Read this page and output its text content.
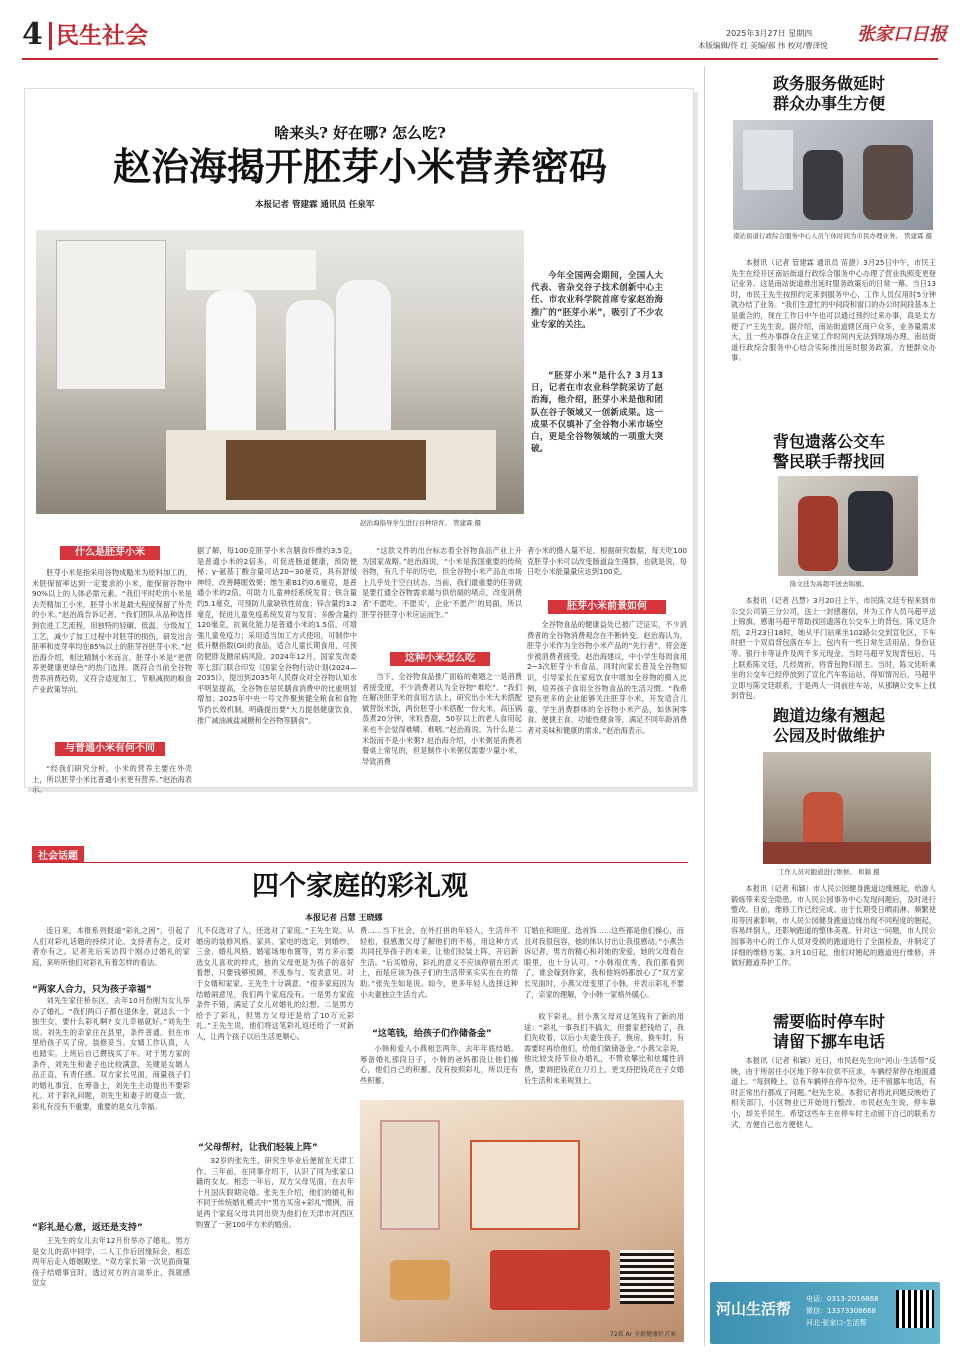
4 民生社会	张家口日报
2025年3月27日 星期四
本版编辑/佟 红 美编/郝 伟 校对/曹泽悦
啥来头? 好在哪? 怎么吃?
赵治海揭开胚芽小米营养密码
本报记者 管建霖 通讯员 任泉军
赵治海指导学生进行谷种培育。 管建霖 摄
今年全国两会期间，全国人大代表、省杂交谷子技术创新中心主任、市农业科学院首席专家赵治海推广的“胚芽小米”，吸引了不少农业专家的关注。
“胚芽小米”是什么? 3月13日，记者在市农业科学院采访了赵治海，他介绍，胚芽小米是他和团队在谷子领域又一创新成果。这一成果不仅填补了全谷物小米市场空白，更是全谷物领域的一项重大突破。
什么是胚芽小米
胚芽小米是指采用谷物成糙米为原料加工的，米胚保留率达到一定要求的小米，能保留谷物中90%以上的人体必需元素。“我们平时吃的小米是去壳精加工小米，胚芽小米是最大程度保留了外壳的小米。”赵治海告诉记者，“我们团队从品种选择到农进工艺流程，用独特的轻碾、低温、分级加工工艺，减少了加工过程中对胚芽的损伤，研发出含胚率和皮芽率均在85%以上的胚芽谷胚芽小米。”赵治海介绍，相比精制小米而言，胚芽小米是“更营养更健康更绿色”的热门选择。既符合当前全谷物营养消费趋势，又符合适度加工、节粮减损的粮食产业政策导向。
与普通小米有何不同
“经我们研究分析，小米的营养主要在外壳上，所以胚芽小米比普通小米更有营养。”赵治海表示。
据了解，每100克胚芽小米含膳食纤维约3.5克，是普通小米的2倍多，可促进肠道健康，预防便秘；γ-氨基丁酸含量可达20~30毫克，具有舒缓神经、改善睡眠效果；维生素B1约0.6毫克，是普通小米的2倍，可助力儿童神经系统发育；铁含量约5.1毫克，可预防儿童缺铁性贫血；锌含量约3.2毫克，促进儿童免疫系统发育与发育；多酚含量约120毫克，抗氧化能力是普通小米的1.5倍，可增强儿童免疫力；采用适当加工方式使用，可制作中低升糖指数(GI)的食品，适合儿童长期食用，可预防肥胖及糖尿病风险。2024年12月，国家发改委等七部门联合印发《国家全谷物行动计划(2024—2035)》，提出到2035年人民群众对全谷物认知水平明显提高，全谷物在居民膳食消费中的比重明显增加；2025年中央一号文件聚焦健全粮食和食物节约长效机制，明确提出要“大力提倡健康饮食，推广减油减盐减糖和全谷物等膳食”。
“这款文件的出台标志着全谷物食品产业上升为国家战略。”赵治海说，“小米是我国重要的传统谷物，有几千年的历史，但全谷物小米产品在市场上几乎处于空白状态。当前，我们最重要的任务就是要打通全谷物需求端与供给端的堵点，改变消费者‘不愿吃、不愿买’，企业‘不愿产’的局面，所以胚芽谷胚芽小米应运而生。”
这种小米怎么吃
当下，全谷物食品推广面临的难题之一是消费者接受度，不少消费者认为全谷物“难吃”。“我们在解决胚芽米的食用方法上，研究出小米大米搭配做营饭米饭，两份胚芽小米搭配一份大米，高压锅蒸煮20分钟，米粒香甜，50岁以上的老人食用起来也不会觉得难嚼、难咽。”赵治海说。为什么是二米饭而不是小米粥? 赵治海介绍，小米粥是消费者餐桌上常见的，但是制作小米粥仅需要少量小米，导致消费
者小米的摄入量不足。根据研究数据，每天吃100克胚芽小米可以改变肠道益生菌群，也就是说，每日吃小米能量量应达到100克。
胚芽小米前景如何
全谷物食品的健康益处已被广泛证实，不少消费者的全谷物消费观念在不断转变。赵治海认为，胚芽小米作为全谷物小米产品的“先行者”，将会逐步被消费者接受。赵治海建议，中小学生每周食用2~3次胚芽小米食品，同时向家长普及全谷物知识，引导家长在家庭饮食中增加全谷物的摄入比例，培养孩子食用全谷物食品的生活习惯。“我希望有更多的企业能够关注胚芽小米，开发适合儿童、学生消费群体的全谷物小米产品，如休闲零食、便捷主食、功能性健食等，满足不同年龄消费者对美味和健康的需求。”赵治海表示。
社会话题
四个家庭的彩礼观
本报记者 吕慧 王晓娜
连日来，本报系列报道“彩礼之困”，引起了人们对彩礼话题的持续讨论。支持者有之，反对者亦有之。记者先后采访四个刚办过婚礼的家庭，来听听他们对彩礼有着怎样的看法。
“两家人合力，只为孩子幸福”
刘先生家住桥东区，去年10月份刚为女儿举办了婚礼。“我们两口子都在退休金，就这么一个独生女，要什么彩礼啊? 女儿幸福就好。”刘先生说。刘先生的亲家住在县里，条件普通。但在市里给孩子买了房，装修妥当。女婿工作认真，人也踏实。上班后自己攒钱买了车。对于男方家的条件，刘先生和妻子也比较满意，关键是女婿人品正直，有责任感。双方家长见面，商量孩子们的婚礼事宜，在筹备上，刘先生主动提出不要彩礼。对于彩礼问题，刘先生和妻子的观点一致，彩礼有没有不重要，重要的是女儿幸福。
“彩礼是心意，返还是支持”
王先生的女儿去年12月份举办了婚礼，男方是女儿的高中同学，二人工作后因缘际会，相恋两年后走入婚姻殿堂。“双方家长第一次见面商量孩子结婚事宜时，透过对方的言谈举止，我就感觉女
儿不仅选对了人，还选对了家庭。”王先生说。从婚房的装修风格、家具、家电的选定，到婚纱、三金、婚礼风格、婚宴场地布置等，男方多示要选女儿喜欢的样式，他的父母更是为孩子的喜好着想，只要钱够照顾，不乱参与、发表意见。对于女婿和家家，王先生十分满意。“很多家庭因为结婚闹意见，我们两个家庭没有。一是男方家庭条件不错，满足了女儿对婚礼的幻想。二是男方给予了彩礼，但男方父母还是给了10万元彩礼。”王先生说，他们将这笔彩礼返还给了一对新人，让两个孩子以后生活更顺心。
“父母帮村，让我们轻装上阵”
32岁的张先生，研究生毕业后便留在天津工作。三年前，在同事介绍下，认识了同为张家口籍的女友。相恋一年后，双方父母见面，在去年十月国庆假期完婚。张先生介绍，他们的婚礼和不同于传统婚礼模式中“男方买房+彩礼”惯例，而是两个家庭父母共同出资为他们在天津市河西区购置了一套100平方米的婚房。
费……当下社会，在外打拼的年轻人，生活并不轻松，很感激父母了解他们的不易，用这种方式共同托举孩子的未来，让他们轻装上阵，开启新生活。“后买婚房，彩礼的意义不应该停留在形式上，而是应该为孩子们的生活带来实实在在的帮助。”张先生如是说。如今，更多年轻人选择这种小夫妻独立生活方式。
“这笔钱，给孩子们作储备金”
小韩和爱人小燕相恋两年，去年年底结婚。筹备婚礼那段日子，小韩的爸妈都没让他们操心，他们自己的积蓄，没有按照彩礼，所以还有些积蓄。
订婚在和睦度、选首饰……这些都是他们操心，而且对我很包容，他的体认付出让我很感动。”小燕告诉记者，男方的精心和对她的宠爱，她的父母看在眼里，也十分认可。“小韩很优秀，我们都看到了，谁会嫁到你家，我和他妈妈都放心了”双方家长见面时，小燕父母变里了小韩，并表示彩礼不要了，亲家的理解，令小韩一家格外暖心。
收下彩礼，但小燕父母对这笔钱有了新的用途：“彩礼一事我们不搞太，但要家把钱给了，我们先收着，以后小夫妻生孩子，换房，换车时，有需要时再给他们，给他们做储备金。”小燕父亲说，他比较支持节俭办婚礼，不赞欢攀比和炫耀性消费，要调把钱花在刀刃上，更支持把钱花在子女婚后生活和未来规划上。
72款 Ar 全新健康好方案
政务服务做延时
群众办事生方便
南站街道行政综合服务中心人员午休时间为市民办理业务。 管建霖 摄
本报讯（记者 管建霖 通讯员 苗捷）3月25日中午，市民王先生在经开区南站街道行政综合服务中心办理了营业执照变更登记业务。这是南站街道推出延时服务政策后的日常一幕。当日13时，市民王先生按照约定来到服务中心，工作人员仅用时5分钟就办结了业务。“我们生意忙的中间段和窗口的办公时间段基本上是重合的，现在工作日中午也可以通过预约过来办事，真是太方便了!”王先生说。据介绍，南站街道辖区商户众多，业务量需求大，且一些办事群众在正常工作时间内无法到现场办理。南站街道行政综合服务中心结合实际推出延时服务政策，方便群众办事。
背包遗落公交车
警民联手帮找回
陈文廷为高超平送去锦旗。
本报讯（记者 吕慧）3月20日上午，市民陈文廷专程来到市公交公司第三分公司，送上一封感谢信，并为工作人员马超平送上锦旗，感谢马超平帮助找回遗落在公交车上的背包。陈文廷介绍，2月23日18时，她从平门站乘坐102路公交到宣化区，下车时把一个双肩背包落在车上，包内有一些日常生活用品、身份证等。银行卡等证件及两千多元现金。当时马超平发现背包后，马上联系陈文廷，几经周折，将背包物归原主。当时，陈文廷听乘坐的公交车已经停放到了宣化汽车客运站，得知情况后，马超平立即与陈文廷联系，于是两人一同前往车站，从那辆公交车上找到背包。
跑道边缘有翘起
公园及时做维护
工作人员对跑道进行维修。 和颖 摄
本报讯（记者 和颖）市人民公园健身跑道边缘翘起，给游人锻炼带来安全隐患。市人民公园事务中心发现问题后，及时进行整改。目前，维修工作已经完成。由于长期受日晒雨淋、频繁使用等因素影响，市人民公园健身跑道边缘出现不同程度的翘起，容易绊倒人，还影响跑道的整体美观。针对这一问题，市人民公园事务中心的工作人员对受损的跑道进行了全面检查，并制定了详细的维修方案。3月10日起，他们对翘起的跑道进行维修，并做好跑道养护工作。
需要临时停车时
请留下挪车电话
本报讯（记者 和颖）近日，市民赵先生向“河山·生活帮”反映，由于所居住小区地下停车位供不应求，车辆经常停在地面通道上。“每到晚上，总有车辆停在停车位外，还不留挪车电话，有时正常出行都成了问题。”赵先生说。本报记者将此问题反映给了相关部门，小区物业已开始进行整改。市民赵先生说，停车靠小，却关乎民生。希望这些车主在停车时主动留下自己的联系方式，方便自己也方便他人。
河山生活帮
电话：0313-2016868
微信：13373308668
河北·张家口·生活帮
